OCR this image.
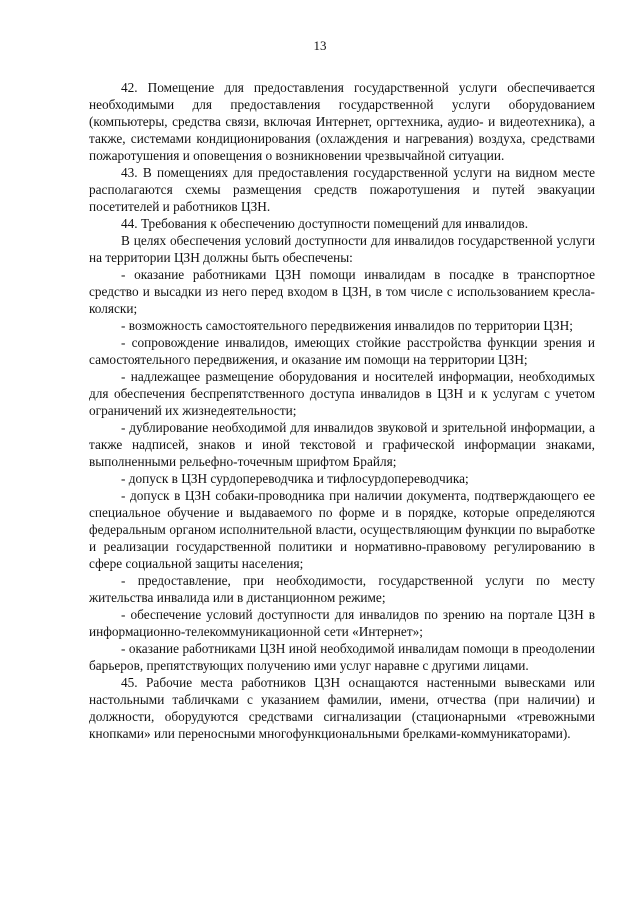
13

42. Помещение для предоставления государственной услуги обеспечивается необходимыми для предоставления государственной услуги оборудованием (компьютеры, средства связи, включая Интернет, оргтехника, аудио- и видеотехника), а также, системами кондиционирования (охлаждения и нагревания) воздуха, средствами пожаротушения и оповещения о возникновении чрезвычайной ситуации.

43. В помещениях для предоставления государственной услуги на видном месте располагаются схемы размещения средств пожаротушения и путей эвакуации посетителей и работников ЦЗН.

44. Требования к обеспечению доступности помещений для инвалидов.

В целях обеспечения условий доступности для инвалидов государственной услуги на территории ЦЗН должны быть обеспечены:

- оказание работниками ЦЗН помощи инвалидам в посадке в транспортное средство и высадки из него перед входом в ЦЗН, в том числе с использованием кресла-коляски;

- возможность самостоятельного передвижения инвалидов по территории ЦЗН;

- сопровождение инвалидов, имеющих стойкие расстройства функции зрения и самостоятельного передвижения, и оказание им помощи на территории ЦЗН;

- надлежащее размещение оборудования и носителей информации, необходимых для обеспечения беспрепятственного доступа инвалидов в ЦЗН и к услугам с учетом ограничений их жизнедеятельности;

- дублирование необходимой для инвалидов звуковой и зрительной информации, а также надписей, знаков и иной текстовой и графической информации знаками, выполненными рельефно-точечным шрифтом Брайля;

- допуск в ЦЗН сурдопереводчика и тифлосурдопереводчика;

- допуск в ЦЗН собаки-проводника при наличии документа, подтверждающего ее специальное обучение и выдаваемого по форме и в порядке, которые определяются федеральным органом исполнительной власти, осуществляющим функции по выработке и реализации государственной политики и нормативно-правовому регулированию в сфере социальной защиты населения;

- предоставление, при необходимости, государственной услуги по месту жительства инвалида или в дистанционном режиме;

- обеспечение условий доступности для инвалидов по зрению на портале ЦЗН в информационно-телекоммуникационной сети «Интернет»;

- оказание работниками ЦЗН иной необходимой инвалидам помощи в преодолении барьеров, препятствующих получению ими услуг наравне с другими лицами.

45. Рабочие места работников ЦЗН оснащаются настенными вывесками или настольными табличками с указанием фамилии, имени, отчества (при наличии) и должности, оборудуются средствами сигнализации (стационарными «тревожными кнопками» или переносными многофункциональными брелками-коммуникаторами).
